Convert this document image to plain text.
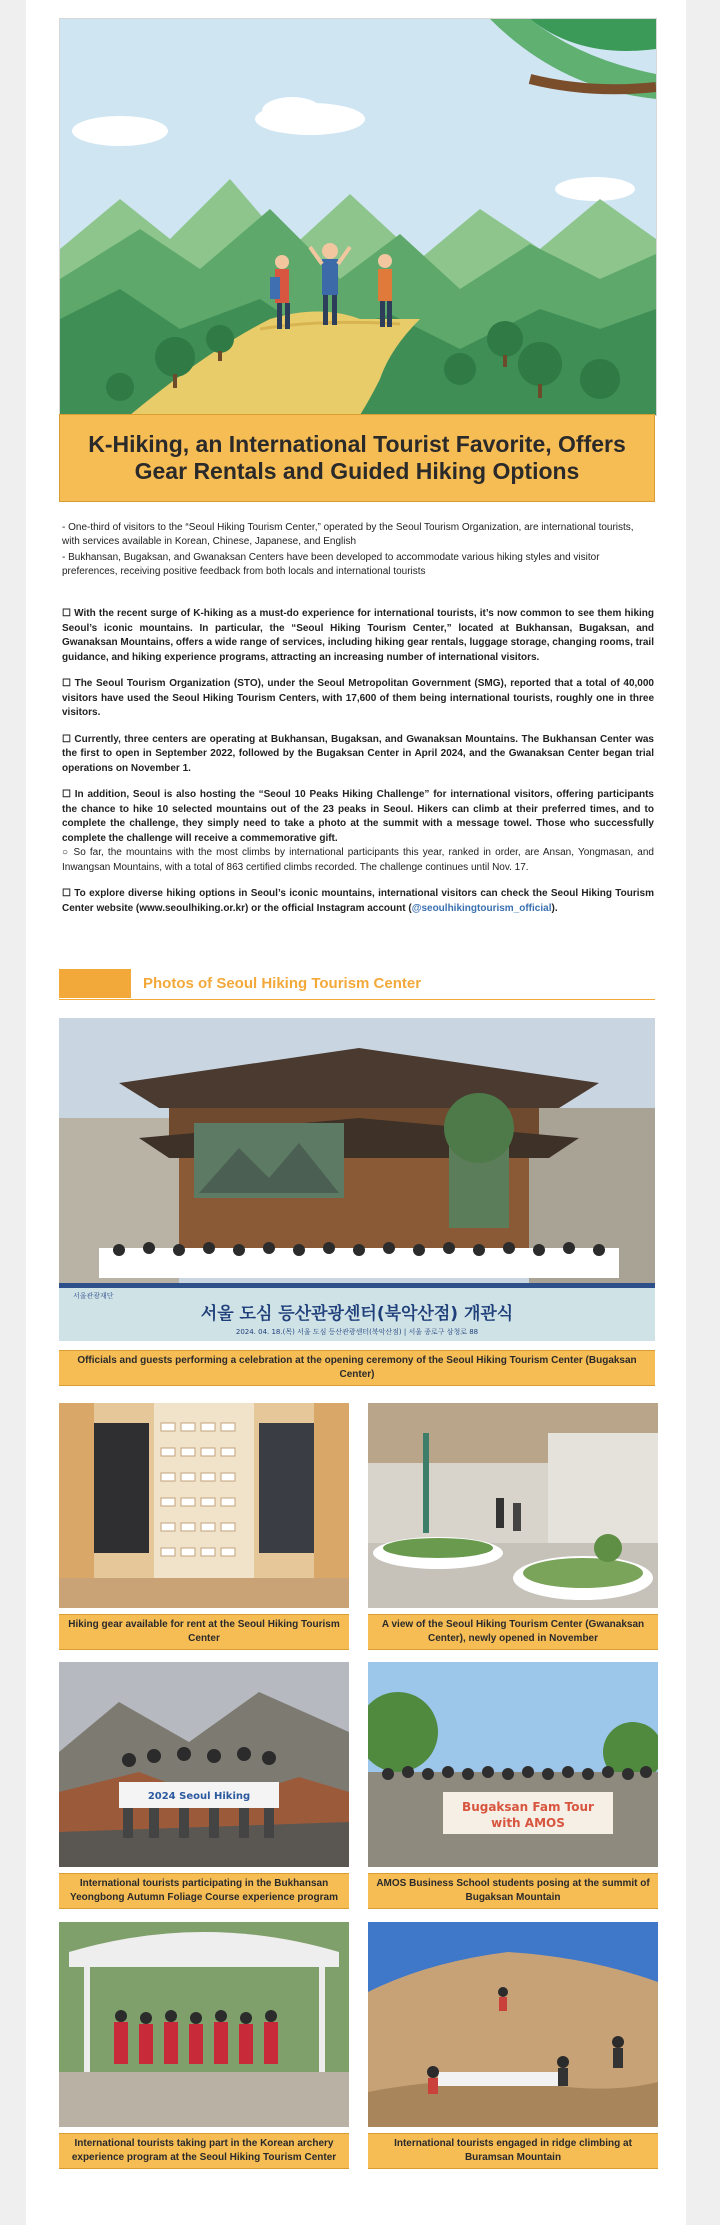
K-Hiking, an International Tourist Favorite, Offers Gear Rentals and Guided Hiking Options

- One-third of visitors to the “Seoul Hiking Tourism Center,” operated by the Seoul Tourism Organization, are international tourists, with services available in Korean, Chinese, Japanese, and English

- Bukhansan, Bugaksan, and Gwanaksan Centers have been developed to accommodate various hiking styles and visitor preferences, receiving positive feedback from both locals and international tourists

☐ With the recent surge of K-hiking as a must-do experience for international tourists, it’s now common to see them hiking Seoul’s iconic mountains. In particular, the “Seoul Hiking Tourism Center,” located at Bukhansan, Bugaksan, and Gwanaksan Mountains, offers a wide range of services, including hiking gear rentals, luggage storage, changing rooms, trail guidance, and hiking experience programs, attracting an increasing number of international visitors.

☐ The Seoul Tourism Organization (STO), under the Seoul Metropolitan Government (SMG), reported that a total of 40,000 visitors have used the Seoul Hiking Tourism Centers, with 17,600 of them being international tourists, roughly one in three visitors.

☐ Currently, three centers are operating at Bukhansan, Bugaksan, and Gwanaksan Mountains. The Bukhansan Center was the first to open in September 2022, followed by the Bugaksan Center in April 2024, and the Gwanaksan Center began trial operations on November 1.

☐ In addition, Seoul is also hosting the “Seoul 10 Peaks Hiking Challenge” for international visitors, offering participants the chance to hike 10 selected mountains out of the 23 peaks in Seoul. Hikers can climb at their preferred times, and to complete the challenge, they simply need to take a photo at the summit with a message towel. Those who successfully complete the challenge will receive a commemorative gift.

○ So far, the mountains with the most climbs by international participants this year, ranked in order, are Ansan, Yongmasan, and Inwangsan Mountains, with a total of 863 certified climbs recorded. The challenge continues until Nov. 17.

☐ To explore diverse hiking options in Seoul’s iconic mountains, international visitors can check the Seoul Hiking Tourism Center website (www.seoulhiking.or.kr) or the official Instagram account (@seoulhikingtourism_official).

Photos of Seoul Hiking Tourism Center
서울관광재단
서울 도심 등산관광센터(북악산점) 개관식
2024. 04. 18.(목) 서울 도심 등산관광센터(북악산점) | 서울 종로구 삼청로 88
Officials and guests performing a celebration at the opening ceremony of the Seoul Hiking Tourism Center (Bugaksan Center)
Hiking gear available for rent at the Seoul Hiking Tourism Center
A view of the Seoul Hiking Tourism Center (Gwanaksan Center), newly opened in November
2024 Seoul Hiking
International tourists participating in the Bukhansan Yeongbong Autumn Foliage Course experience program
Bugaksan Fam Tour
with AMOS
AMOS Business School students posing at the summit of Bugaksan Mountain
International tourists taking part in the Korean archery experience program at the Seoul Hiking Tourism Center
International tourists engaged in ridge climbing at Buramsan Mountain
